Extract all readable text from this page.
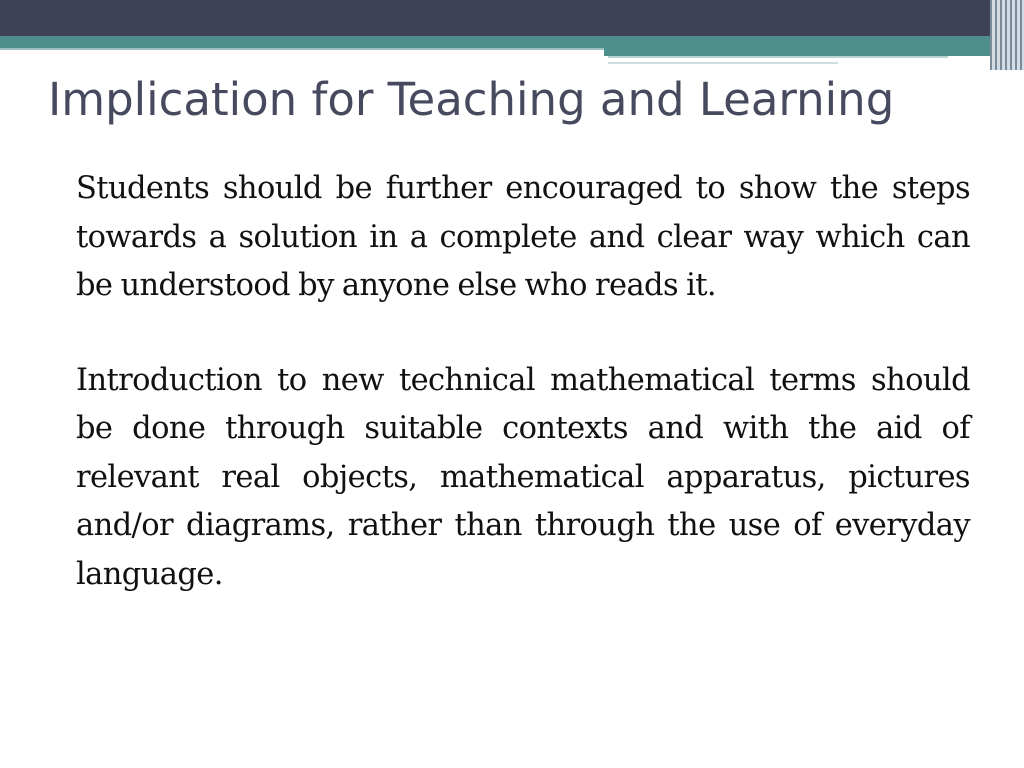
Implication for Teaching and Learning

Students should be further encouraged to show the steps towards a solution in a complete and clear way which can be understood by anyone else who reads it.

Introduction to new technical mathematical terms should be done through suitable contexts and with the aid of relevant real objects, mathematical apparatus, pictures and/or diagrams, rather than through the use of everyday language.
